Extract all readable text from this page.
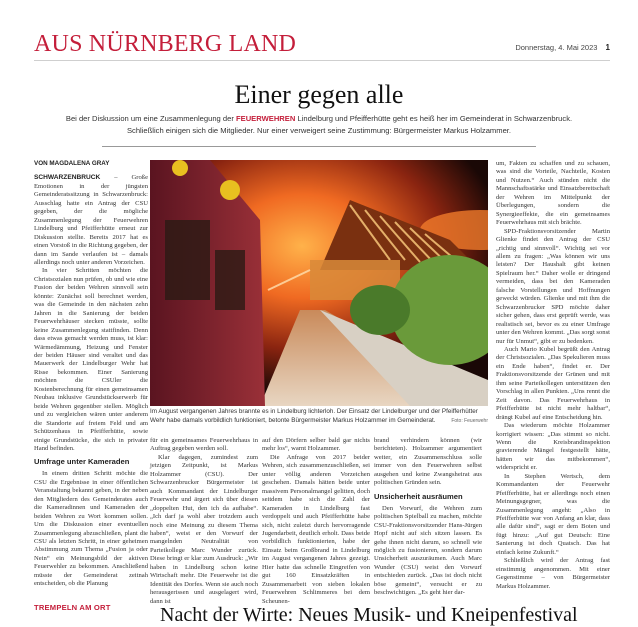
AUS NÜRNBERG LAND	Donnerstag, 4. Mai 2023 1
Einer gegen alle
Bei der Diskussion um eine Zusammenlegung der FEUERWEHREN Lindelburg und Pfeifferhütte geht es heiß her im Gemeinderat in Schwarzenbruck. Schließlich einigen sich die Mitglieder. Nur einer verweigert seine Zustimmung: Bürgermeister Markus Holzammer.
VON MAGDALENA GRAY

SCHWARZENBRUCK – Große Emotionen in der jüngsten Gemeinderatssitzung in Schwarzenbruck: Ausschlag hatte ein Antrag der CSU gegeben, der die mögliche Zusammenlegung der Feuerwehren Lindelburg und Pfeifferhütte erneut zur Diskussion stellte. Bereits 2017 hat es einen Vorstoß in die Richtung gegeben, der dann im Sande verlaufen ist – damals allerdings noch unter anderen Vorzeichen.

In vier Schritten möchten die Christsozialen nun prüfen, ob und wie eine Fusion der beiden Wehren sinnvoll sein könnte: Zunächst soll berechnet werden, was die Gemeinde in den nächsten zehn Jahren in die Sanierung der beiden Feuerwehrhäuser stecken müsste, sollte keine Zusammenlegung stattfinden. Denn dass etwas gemacht werden muss, ist klar: Wärmedämmung, Heizung und Fenster der beiden Häuser sind veraltet und das Mauerwerk der Lindelburger Wehr hat Risse bekommen. Einer Sanierung möchten die CSUler die Kostenberechnung für einen gemeinsamen Neubau inklusive Grundstückserwerb für beide Wehren gegenüber stellen. Möglich und zu vergleichen wären unter anderem die Standorte auf freiem Feld und am Schützenhaus in Pfeifferhütte, sowie einige Grundstücke, die sich in privater Hand befinden.

Umfrage unter Kameraden

In einem dritten Schritt möchte die CSU die Ergebnisse in einer öffentlichen Veranstaltung bekannt geben, in der neben den Mitgliedern des Gemeinderates auch die Kameradinnen und Kameraden der beiden Wehren zu Wort kommen sollen. Um die Diskussion einer eventuellen Zusammenlegung abzuschließen, plant die CSU als letzten Schritt, in einer geheimen Abstimmung zum Thema „Fusion ja oder Nein“ ein Meinungsbild der aktiven Feuerwehler zu bekommen. Anschließend müsste der Gemeinderat zeitnah entscheiden, ob die Planung

Im August vergangenen Jahres brannte es in Lindelburg lichterloh. Der Einsatz der Lindelburger und der Pfeifferhütter Wehr habe damals vorbildlich funktioniert, betonte Bürgermeister Markus Holzammer im Gemeinderat.	Foto: Feuerwehr

für ein gemeinsames Feuerwehrhaus in Auftrag gegeben werden soll.

Klar dagegen, zumindest zum jetzigen Zeitpunkt, ist Markus Holzammer (CSU). Der Schwarzenbrucker Bürgermeister ist auch Kommandant der Lindelburger Feuerwehr und ärgert sich über diesen „doppelten Hut, den ich da aufhabe“. „Ich darf ja wohl aber trotzdem auch noch eine Meinung zu diesem Thema haben“, weist er den Vorwurf der mangelnden Neutralität von Parteikollege Marc Wunder zurück. Diese bringt er klar zum Ausdruck: „Wir haben in Lindelburg schon keine Wirtschaft mehr. Die Feuerwehr ist die Identität des Dorfes. Wenn sie auch noch herausgerissen und ausgelagert wird, dann ist

auf den Dörfern selber bald gar nichts mehr los“, warnt Holzammer.

Die Anfrage von 2017 beider Wehren, sich zusammenzuschließen, sei unter völlig anderen Vorzeichen geschehen. Damals hätten beide unter massivem Personalmangel gelitten, doch seitdem habe sich die Zahl der Kameraden in Lindelburg fast verdoppelt und auch Pfeifferhütte habe sich, nicht zuletzt durch hervorragende Jugendarbeit, deutlich erholt. Dass beide vorbildlich funktionierten, habe der Einsatz beim Großbrand in Lindelburg im August vergangenen Jahres gezeigt. Hier hatte das schnelle Eingreifen von gut 160 Einsatzkräften in Zusammenarbeit von sieben lokalen Feuerwehren Schlimmeres bei dem Scheunen-

brand verhindern können (wir berichteten). Holzammer argumentiert weiter, ein Zusammenschluss solle immer von den Feuerwehren selbst ausgehen und keine Zwangsheirat aus politischen Gründen sein.

Unsicherheit ausräumen

Den Vorwurf, die Wehren zum politischen Spielball zu machen, möchte CSU-Fraktionsvorsitzender Hans-Jürgen Hopf nicht auf sich sitzen lassen. Es gehe ihnen nicht darum, so schnell wie möglich zu fusionieren, sondern darum Unsicherheit auszuräumen. Auch Marc Wunder (CSU) weist den Vorwurf entschieden zurück. „Das ist doch nicht böse gemeint“, versucht er zu beschwichtigen. „Es geht hier dar-

um, Fakten zu schaffen und zu schauen, was sind die Vorteile, Nachteile, Kosten und Nutzen.“ Auch stünden nicht die Mannschaftsstärke und Einsatzbereitschaft der Wehren im Mittelpunkt der Überlegungen, sondern die Synergieeffekte, die ein gemeinsames Feuerwehrhaus mit sich brächte.

SPD-Fraktionsvorsitzender Martin Glienke findet den Antrag der CSU „richtig und sinnvoll“. Wichtig sei vor allem zu fragen: „Was können wir uns leisten? Der Haushalt gibt keinen Spielraum her.“ Daher wolle er dringend vermeiden, dass bei den Kameraden falsche Vorstellungen und Hoffnungen geweckt würden. Glienke und mit ihm die Schwarzenbrucker SPD möchte daher sicher gehen, dass erst geprüft werde, was realistisch sei, bevor es zu einer Umfrage unter den Wehren kommt. „Das sorgt sonst nur für Unmut“, gibt er zu bedenken.

Auch Mario Kubel begrüßt den Antrag der Christsozialen. „Das Spekulieren muss ein Ende haben“, findet er. Der Fraktionsvorsitzende der Grünen und mit ihm seine Parteikollegen unterstützen den Vorschlag in allen Punkten. „Uns rennt die Zeit davon. Das Feuerwehrhaus in Pfeifferhütte ist nicht mehr haltbar“, drängt Kubel auf eine Entscheidung hin.

Das wiederum möchte Holzammer korrigiert wissen: „Das stimmt so nicht. Wenn die Kreisbrandinspektion gravierende Mängel festgestellt hätte, hätten wir das mitbekommen“, widerspricht er.

In Stephen Wertsch, dem Kommandanten der Feuerwehr Pfeifferhütte, hat er allerdings noch einen Meinungsgegner, was die Zusammenlegung angeht: „Also in Pfeifferhütte war von Anfang an klar, dass alle dafür sind“, sagt er dem Boten und fügt hinzu: „Auf gut Deutsch: Eine Sanierung ist doch Quatsch. Das hat einfach keine Zukunft.“

Schließlich wird der Antrag fast einstimmig angenommen. Mit einer Gegenstimme – von Bürgermeister Markus Holzammer.

TREMPELN AM ORT Nacht der Wirte: Neues Musik- und Kneipenfestival
